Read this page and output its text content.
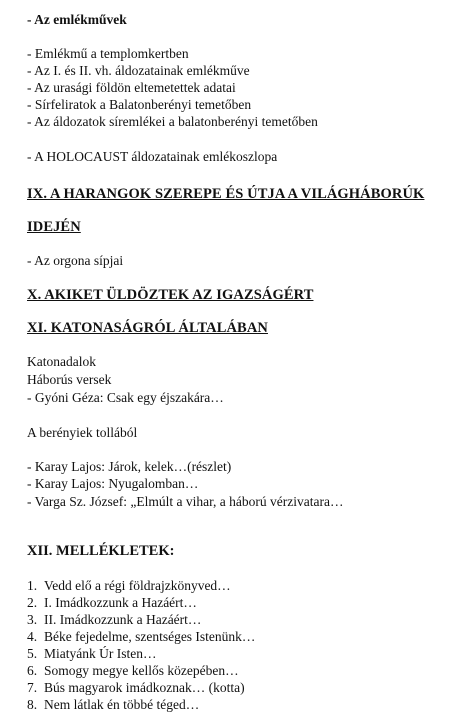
- Az emlékművek
- Emlékmű a templomkertben
- Az I. és II. vh. áldozatainak emlékműve
- Az urasági földön eltemetettek adatai
- Sírfeliratok a Balatonberényi temetőben
- Az áldozatok síremlékei a balatonberényi temetőben
- A HOLOCAUST áldozatainak emlékoszlopa
IX. A HARANGOK SZEREPE ÉS ÚTJA A VILÁGHÁBORÚK
IDEJÉN
- Az orgona sípjai
X. AKIKET ÜLDÖZTEK AZ IGAZSÁGÉRT
XI. KATONASÁGRÓL ÁLTALÁBAN
Katonadalok
Háborús versek
- Gyóni Géza: Csak egy éjszakára…
A berényiek tollából
- Karay Lajos: Járok, kelek…(részlet)
- Karay Lajos: Nyugalomban…
- Varga Sz. József: „Elmúlt a vihar, a háború vérzivatara…
XII. MELLÉKLETEK:
1. Vedd elő a régi földrajzkönyved…
2. I. Imádkozzunk a Hazáért…
3. II. Imádkozzunk a Hazáért…
4. Béke fejedelme, szentséges Istenünk…
5. Miatyánk Úr Isten…
6. Somogy megye kellős közepében…
7. Bús magyarok imádkoznak… (kotta)
8. Nem látlak én többé téged…
